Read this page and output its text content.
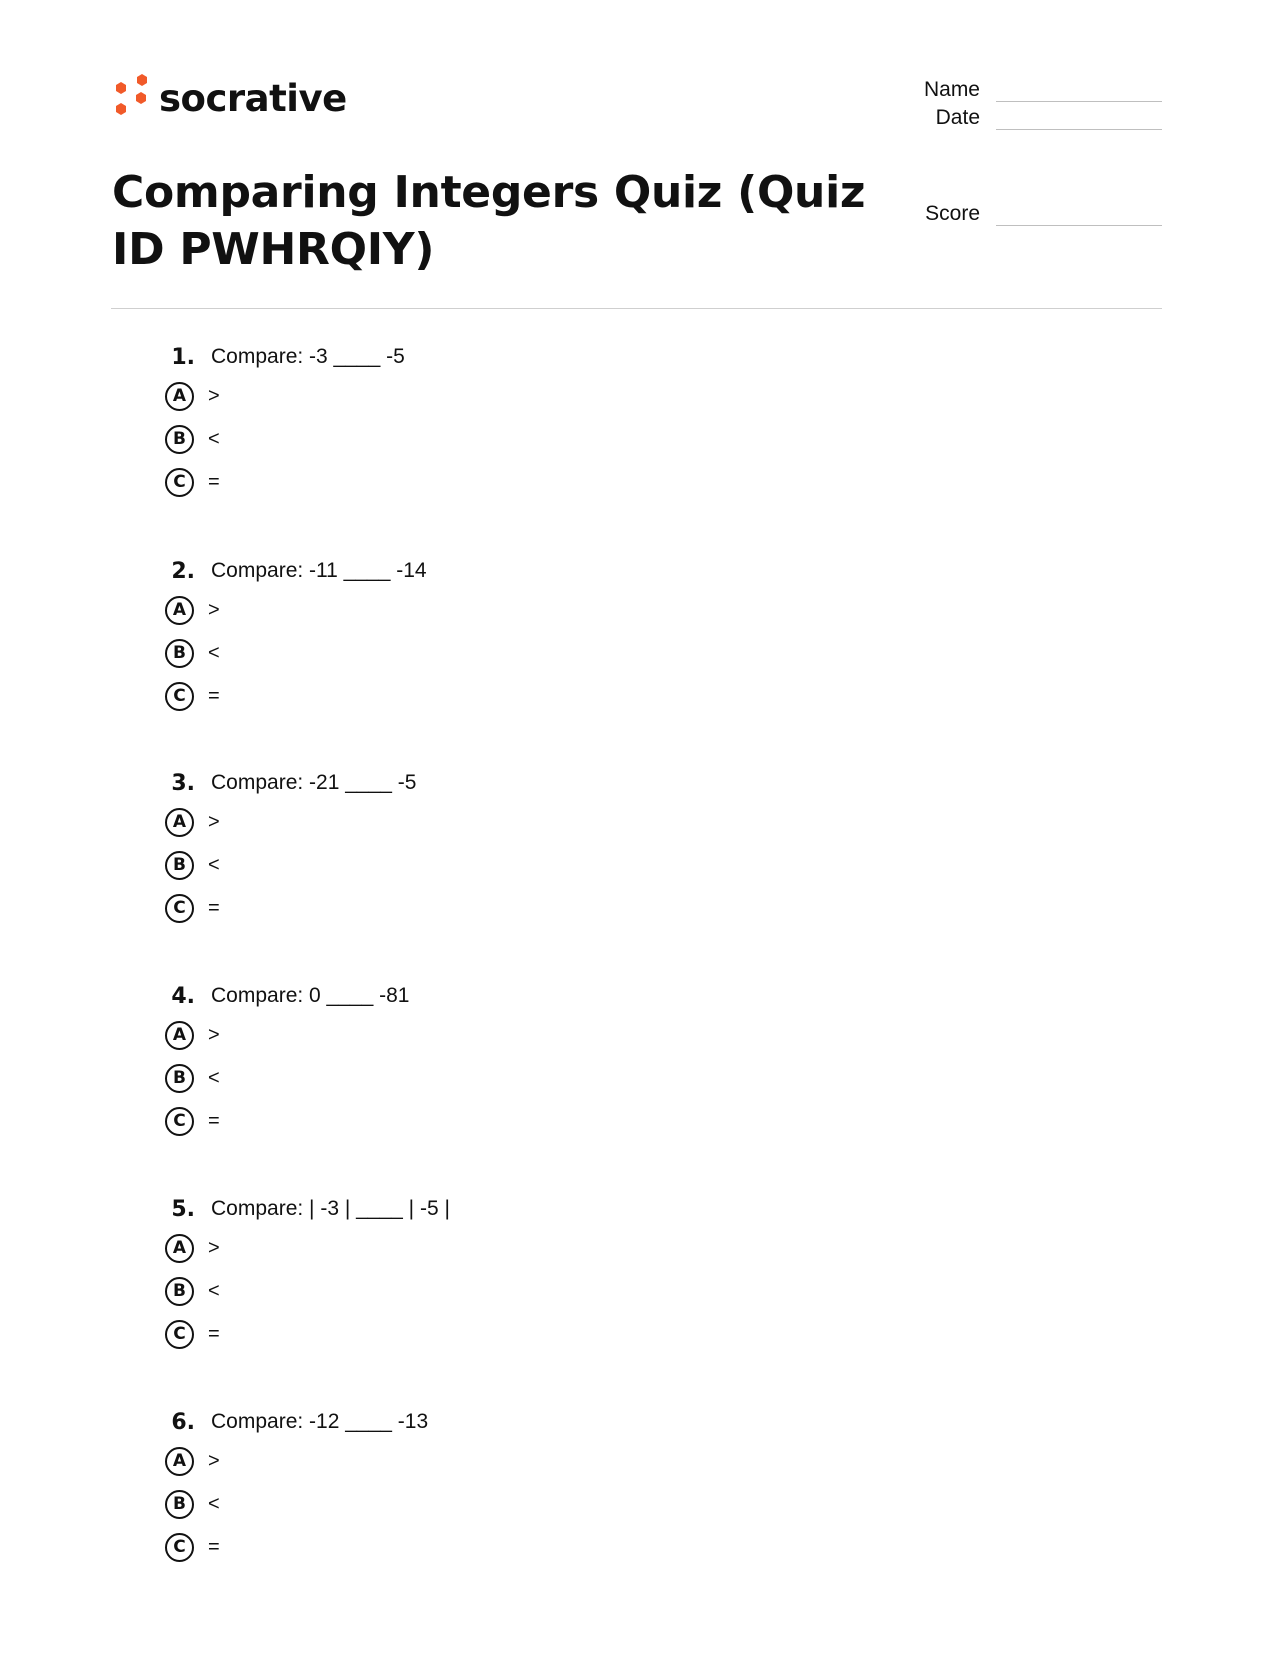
socrative	Name
Date
Score
Comparing Integers Quiz (Quiz ID PWHRQIY)
1. Compare: -3 ____ -5
A	>
B	<
C	=
2. Compare: -11 ____ -14
A	>
B	<
C	=
3. Compare: -21 ____ -5
A	>
B	<
C	=
4. Compare: 0 ____ -81
A	>
B	<
C	=
5. Compare: | -3 | ____ | -5 |
A	>
B	<
C	=
6. Compare: -12 ____ -13
A	>
B	<
C	=
